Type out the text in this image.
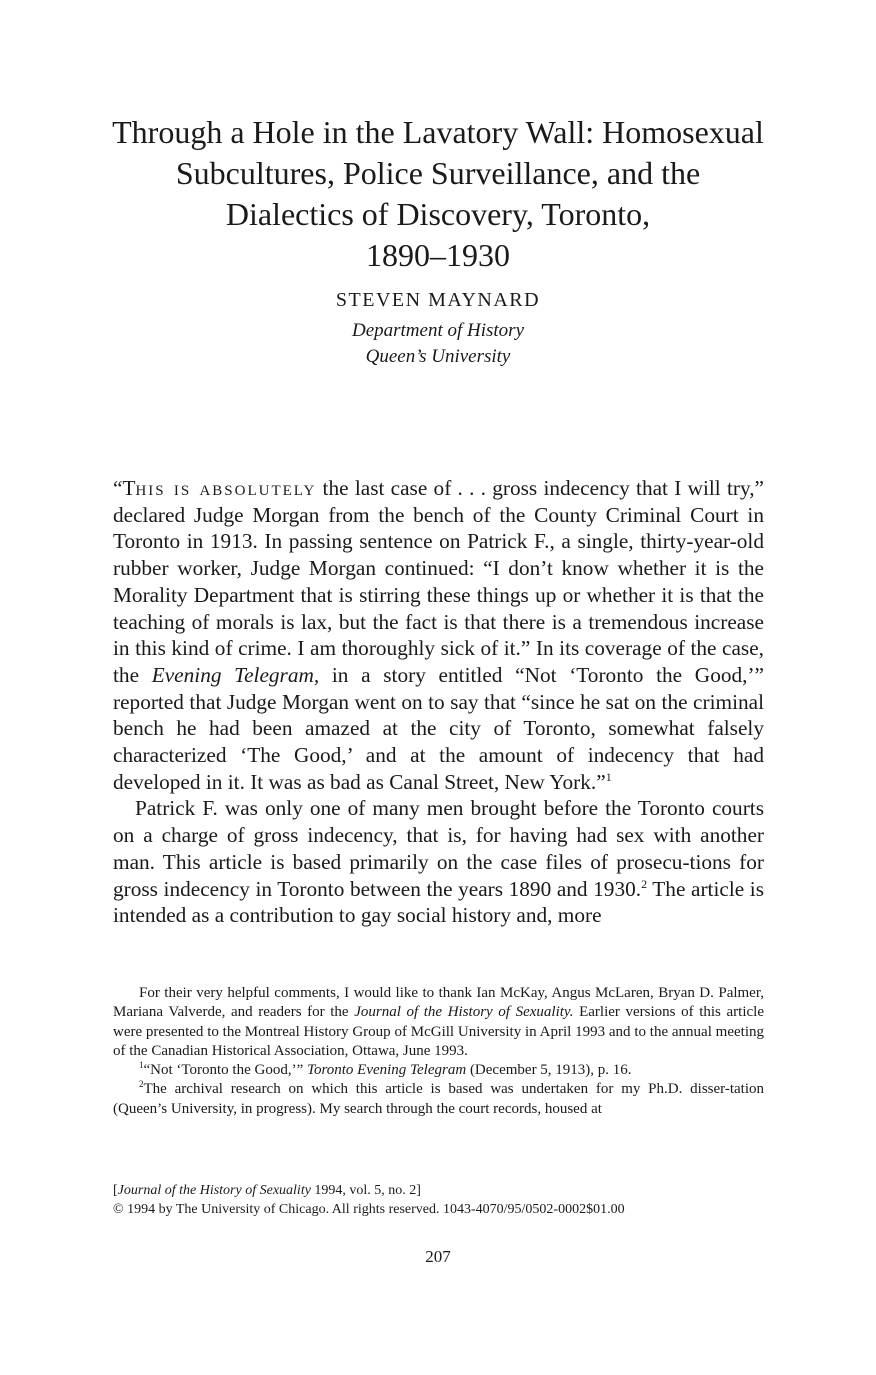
Through a Hole in the Lavatory Wall: Homosexual
Subcultures, Police Surveillance, and the
Dialectics of Discovery, Toronto,
1890–1930
STEVEN MAYNARD
Department of History
Queen’s University

“This is absolutely the last case of . . . gross indecency that I will try,” declared Judge Morgan from the bench of the County Criminal Court in Toronto in 1913. In passing sentence on Patrick F., a single, thirty-year-old rubber worker, Judge Morgan continued: “I don’t know whether it is the Morality Department that is stirring these things up or whether it is that the teaching of morals is lax, but the fact is that there is a tremendous increase in this kind of crime. I am thoroughly sick of it.” In its coverage of the case, the Evening Telegram, in a story entitled “Not ‘Toronto the Good,’” reported that Judge Morgan went on to say that “since he sat on the criminal bench he had been amazed at the city of Toronto, somewhat falsely characterized ‘The Good,’ and at the amount of indecency that had developed in it. It was as bad as Canal Street, New York.”$^1$

Patrick F. was only one of many men brought before the Toronto courts on a charge of gross indecency, that is, for having had sex with another man. This article is based primarily on the case files of prosecu-tions for gross indecency in Toronto between the years 1890 and 1930.$^2$ The article is intended as a contribution to gay social history and, more

For their very helpful comments, I would like to thank Ian McKay, Angus McLaren, Bryan D. Palmer, Mariana Valverde, and readers for the Journal of the History of Sexuality. Earlier versions of this article were presented to the Montreal History Group of McGill University in April 1993 and to the annual meeting of the Canadian Historical Association, Ottawa, June 1993.

$^1$“Not ‘Toronto the Good,’” Toronto Evening Telegram (December 5, 1913), p. 16.

$^2$The archival research on which this article is based was undertaken for my Ph.D. disser-tation (Queen’s University, in progress). My search through the court records, housed at

[Journal of the History of Sexuality 1994, vol. 5, no. 2]
© 1994 by The University of Chicago. All rights reserved. 1043-4070/95/0502-0002$01.00
207
